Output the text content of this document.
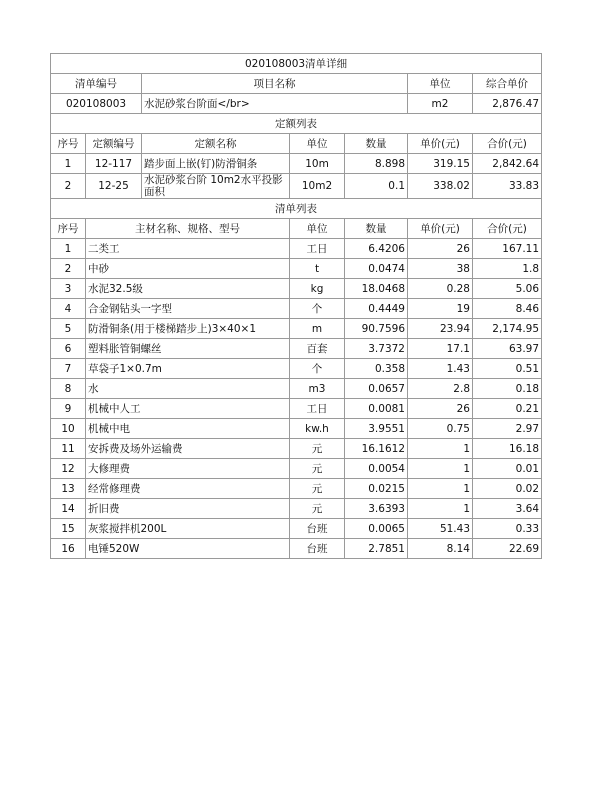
020108003清单详细						
清单编号		项目名称			单位	综合单价
020108003		水泥砂浆台阶面</br>			m2	2,876.47
定额列表						
序号	定额编号	定额名称	单位	数量	单价(元)	合价(元)
1	12-117	踏步面上嵌(钉)防滑铜条	10m	8.898	319.15	2,842.64
2	12-25	水泥砂浆台阶 10m2水平投影面积	10m2	0.1	338.02	33.83
清单列表						
序号	主材名称、规格、型号		单位	数量	单价(元)	合价(元)
1	二类工		工日	6.4206	26	167.11
2	中砂		t	0.0474	38	1.8
3	水泥32.5级		kg	18.0468	0.28	5.06
4	合金钢钻头一字型		个	0.4449	19	8.46
5	防滑铜条(用于楼梯踏步上)3×40×1		m	90.7596	23.94	2,174.95
6	塑料胀管铜螺丝		百套	3.7372	17.1	63.97
7	草袋子1×0.7m		个	0.358	1.43	0.51
8	水		m3	0.0657	2.8	0.18
9	机械中人工		工日	0.0081	26	0.21
10	机械中电		kw.h	3.9551	0.75	2.97
11	安拆费及场外运输费		元	16.1612	1	16.18
12	大修理费		元	0.0054	1	0.01
13	经常修理费		元	0.0215	1	0.02
14	折旧费		元	3.6393	1	3.64
15	灰浆搅拌机200L		台班	0.0065	51.43	0.33
16	电锤520W		台班	2.7851	8.14	22.69
